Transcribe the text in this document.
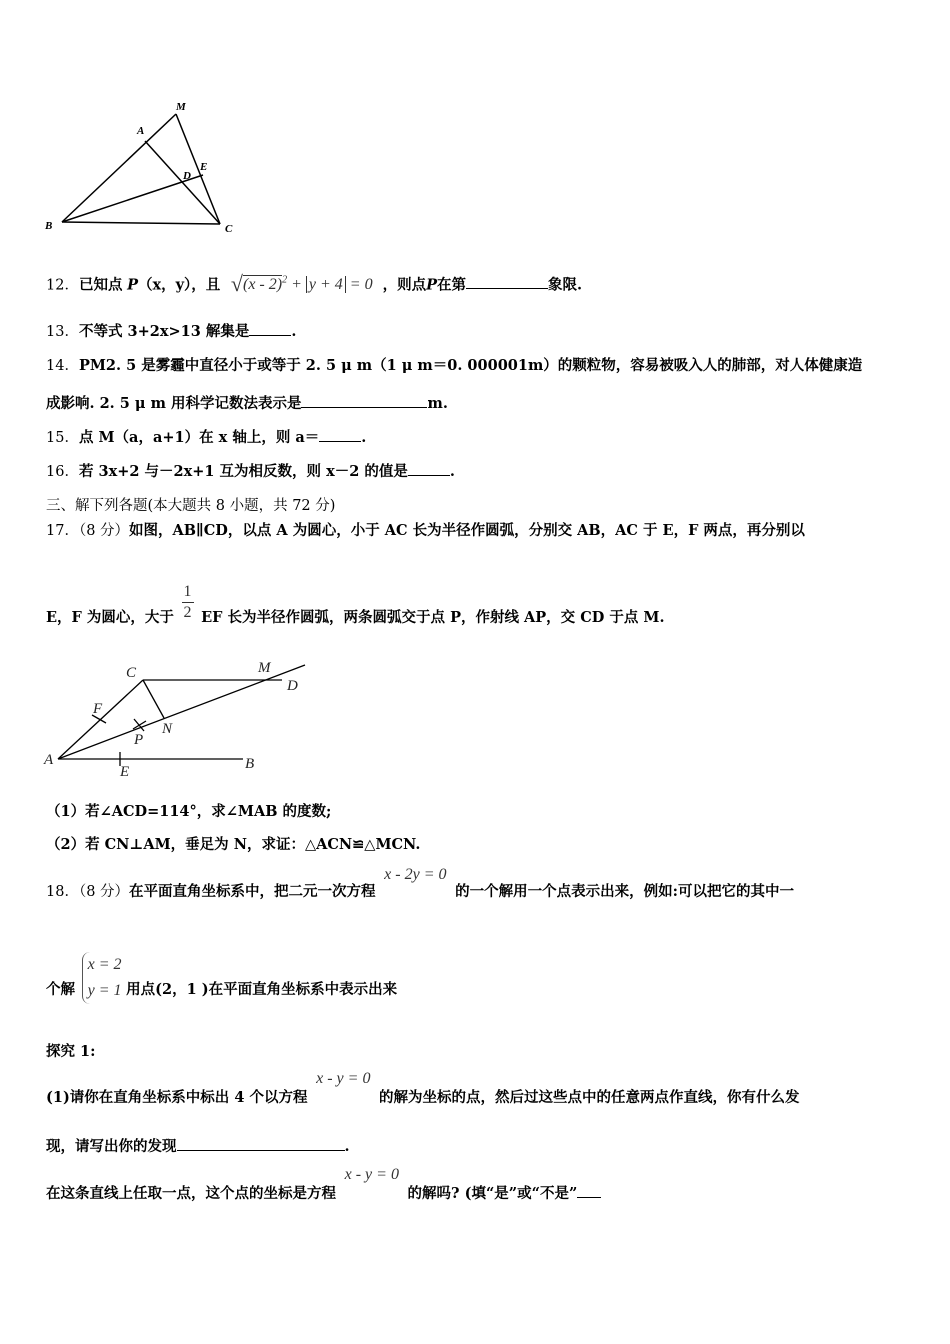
M
A
E
D
B	C
12．已知点 P（x，y），且 √(x - 2)$^2$ + y + 4 = 0 ，则点P在第	象限.
13．不等式 3+2x>13 解集是	.
14．PM2. 5 是雾霾中直径小于或等于 2. 5 μ m（1 μ m＝0. 000001m）的颗粒物，容易被吸入人的肺部，对人体健康造
成影响. 2. 5 μ m 用科学记数法表示是	m.
15．点 M（a，a+1）在 x 轴上，则 a＝	.
16．若 3x+2 与－2x+1 互为相反数，则 x－2 的值是	.
三、解下列各题(本大题共 8 小题，共 72 分)
17．（8 分）如图，AB∥CD，以点 A 为圆心，小于 AC 长为半径作圆弧，分别交 AB，AC 于 E，F 两点，再分别以
E，F 为圆心，大于 $\frac{1}{2}$ EF 长为半径作圆弧，两条圆弧交于点 P，作射线 AP，交 CD 于点 M.
C	M
D
F
N
P
A
E	B
（1）若∠ACD=114°，求∠MAB 的度数;
（2）若 CN⊥AM，垂足为 N，求证：△ACN≌△MCN.
18．（8 分）在平面直角坐标系中，把二元一次方程 x - 2y = 0 的一个解用一个点表示出来，例如:可以把它的其中一
个解
x = 2
y = 1 用点(2，1 )在平面直角坐标系中表示出来
探究 1:
(1)请你在直角坐标系中标出 4 个以方程 x - y = 0 的解为坐标的点，然后过这些点中的任意两点作直线，你有什么发
现，请写出你的发现	.
在这条直线上任取一点，这个点的坐标是方程 x - y = 0 的解吗? (填“是”或“不是”
